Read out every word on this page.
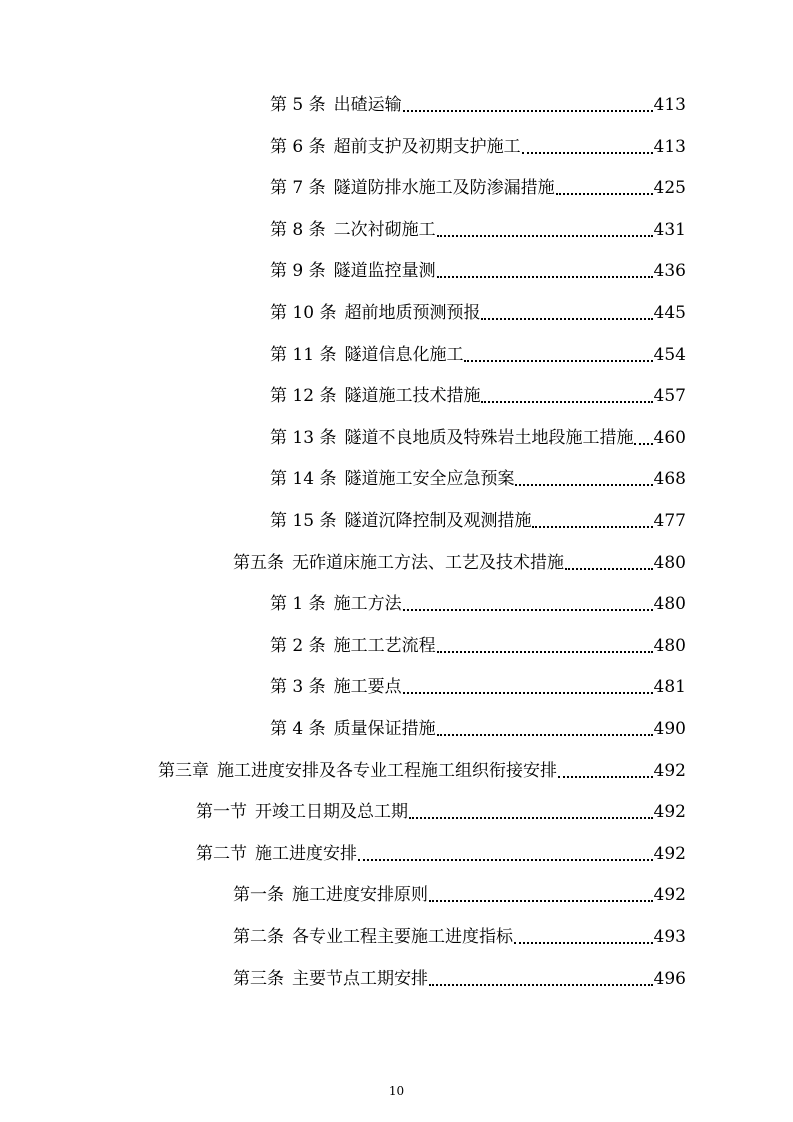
第 5 条 出碴运输	413
第 6 条 超前支护及初期支护施工	413
第 7 条 隧道防排水施工及防渗漏措施	425
第 8 条 二次衬砌施工	431
第 9 条 隧道监控量测	436
第 10 条 超前地质预测预报	445
第 11 条 隧道信息化施工	454
第 12 条 隧道施工技术措施	457
第 13 条 隧道不良地质及特殊岩土地段施工措施 460
第 14 条 隧道施工安全应急预案	468
第 15 条 隧道沉降控制及观测措施	477
第五条 无砟道床施工方法、工艺及技术措施	480
第 1 条 施工方法	480
第 2 条 施工工艺流程	480
第 3 条 施工要点	481
第 4 条 质量保证措施	490
第三章 施工进度安排及各专业工程施工组织衔接安排	492
第一节 开竣工日期及总工期	492
第二节 施工进度安排	492
第一条 施工进度安排原则	492
第二条 各专业工程主要施工进度指标	493
第三条 主要节点工期安排	496
10
